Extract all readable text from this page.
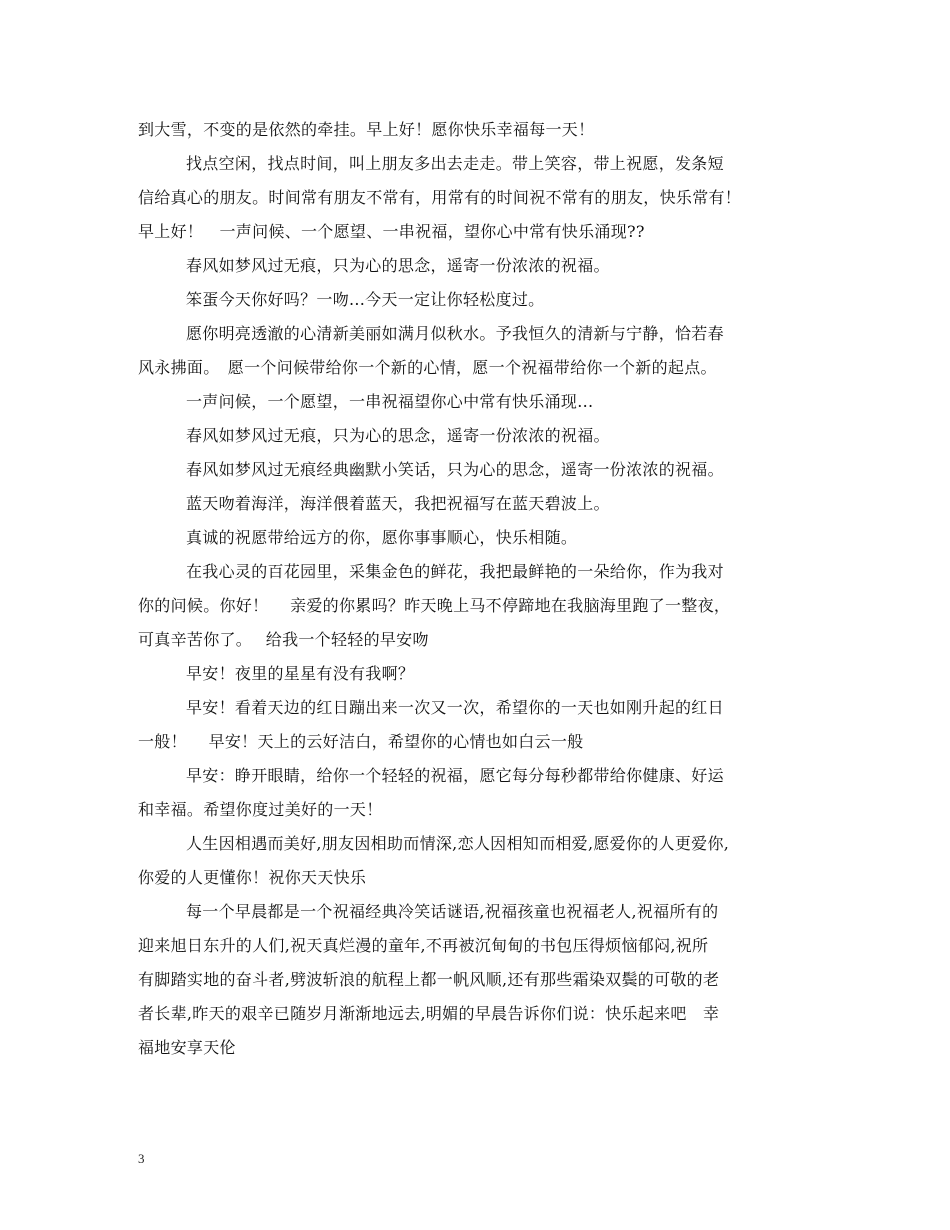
到大雪，不变的是依然的牵挂。早上好！愿你快乐幸福每一天！
找点空闲，找点时间，叫上朋友多出去走走。带上笑容，带上祝愿，发条短
信给真心的朋友。时间常有朋友不常有，用常有的时间祝不常有的朋友，快乐常有！
早上好！　一声问候、一个愿望、一串祝福，望你心中常有快乐涌现??
春风如梦风过无痕，只为心的思念，遥寄一份浓浓的祝福。
笨蛋今天你好吗？一吻...今天一定让你轻松度过。
愿你明亮透澈的心清新美丽如满月似秋水。予我恒久的清新与宁静，恰若春
风永拂面。　愿一个问候带给你一个新的心情，愿一个祝福带给你一个新的起点。
一声问候，一个愿望，一串祝福望你心中常有快乐涌现...
春风如梦风过无痕，只为心的思念，遥寄一份浓浓的祝福。
春风如梦风过无痕经典幽默小笑话，只为心的思念，遥寄一份浓浓的祝福。
蓝天吻着海洋，海洋偎着蓝天，我把祝福写在蓝天碧波上。
真诚的祝愿带给远方的你，愿你事事顺心，快乐相随。
在我心灵的百花园里，采集金色的鲜花，我把最鲜艳的一朵给你，作为我对
你的问候。你好！　 亲爱的你累吗？昨天晚上马不停蹄地在我脑海里跑了一整夜，
可真辛苦你了。　 给我一个轻轻的早安吻
早安！夜里的星星有没有我啊？
早安！看着天边的红日蹦出来一次又一次，希望你的一天也如刚升起的红日
一般！　 早安！天上的云好洁白，希望你的心情也如白云一般
早安：睁开眼睛，给你一个轻轻的祝福，愿它每分每秒都带给你健康、好运
和幸福。希望你度过美好的一天！
人生因相遇而美好,朋友因相助而情深,恋人因相知而相爱,愿爱你的人更爱你,
你爱的人更懂你！祝你天天快乐
每一个早晨都是一个祝福经典冷笑话谜语,祝福孩童也祝福老人,祝福所有的
迎来旭日东升的人们,祝天真烂漫的童年,不再被沉甸甸的书包压得烦恼郁闷,祝所
有脚踏实地的奋斗者,劈波斩浪的航程上都一帆风顺,还有那些霜染双鬓的可敬的老
者长辈,昨天的艰辛已随岁月渐渐地远去,明媚的早晨告诉你们说：快乐起来吧　幸
福地安享天伦
3
